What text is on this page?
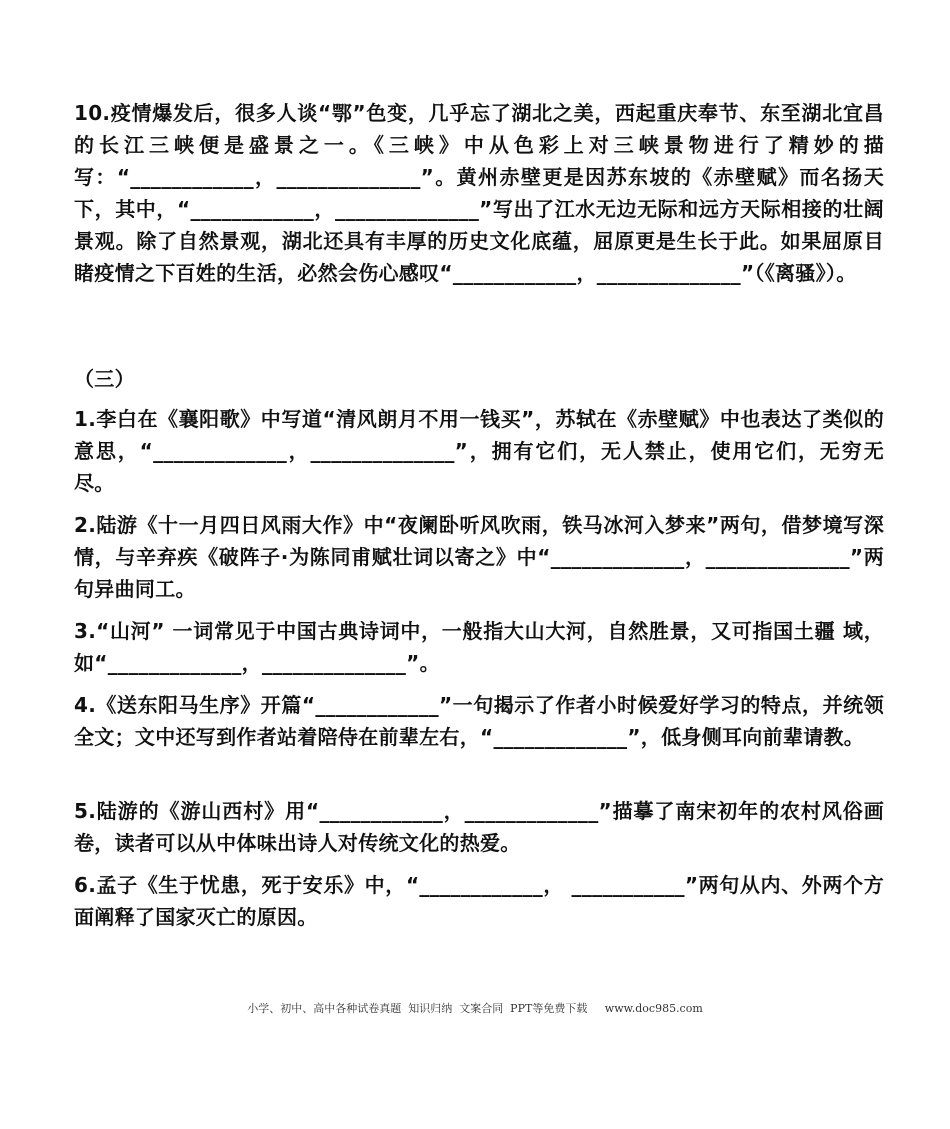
10.疫情爆发后，很多人谈“鄂”色变，几乎忘了湖北之美，西起重庆奉节、东至湖北宜昌的长江三峡便是盛景之一。《三峡》中从色彩上对三峡景物进行了精妙的描写：“____________，______________”。黄州赤壁更是因苏东坡的《赤壁赋》而名扬天下，其中，“____________，______________”写出了江水无边无际和远方天际相接的壮阔景观。除了自然景观，湖北还具有丰厚的历史文化底蕴，屈原更是生长于此。如果屈原目睹疫情之下百姓的生活，必然会伤心感叹“____________，______________”（《离骚》）。

（三）

1.李白在《襄阳歌》中写道“清风朗月不用一钱买”，苏轼在《赤壁赋》中也表达了类似的意思，“_____________，______________”，拥有它们，无人禁止，使用它们，无穷无尽。

2.陆游《十一月四日风雨大作》中“夜阑卧听风吹雨，铁马冰河入梦来”两句，借梦境写深情，与辛弃疾《破阵子·为陈同甫赋壮词以寄之》中“_____________，______________”两句异曲同工。

3.“山河” 一词常见于中国古典诗词中，一般指大山大河，自然胜景，又可指国土疆 域，如“_____________，______________”。

4.《送东阳马生序》开篇“____________”一句揭示了作者小时候爱好学习的特点，并统领全文；文中还写到作者站着陪侍在前辈左右，“_____________”，低身侧耳向前辈请教。

5.陆游的《游山西村》用“____________，_____________”描摹了南宋初年的农村风俗画卷，读者可以从中体味出诗人对传统文化的热爱。

6.孟子《生于忧患，死于安乐》中，“____________， ___________”两句从内、外两个方面阐释了国家灭亡的原因。

小学、初中、高中各种试卷真题  知识归纳  文案合同  PPT等免费下载     www.doc985.com
